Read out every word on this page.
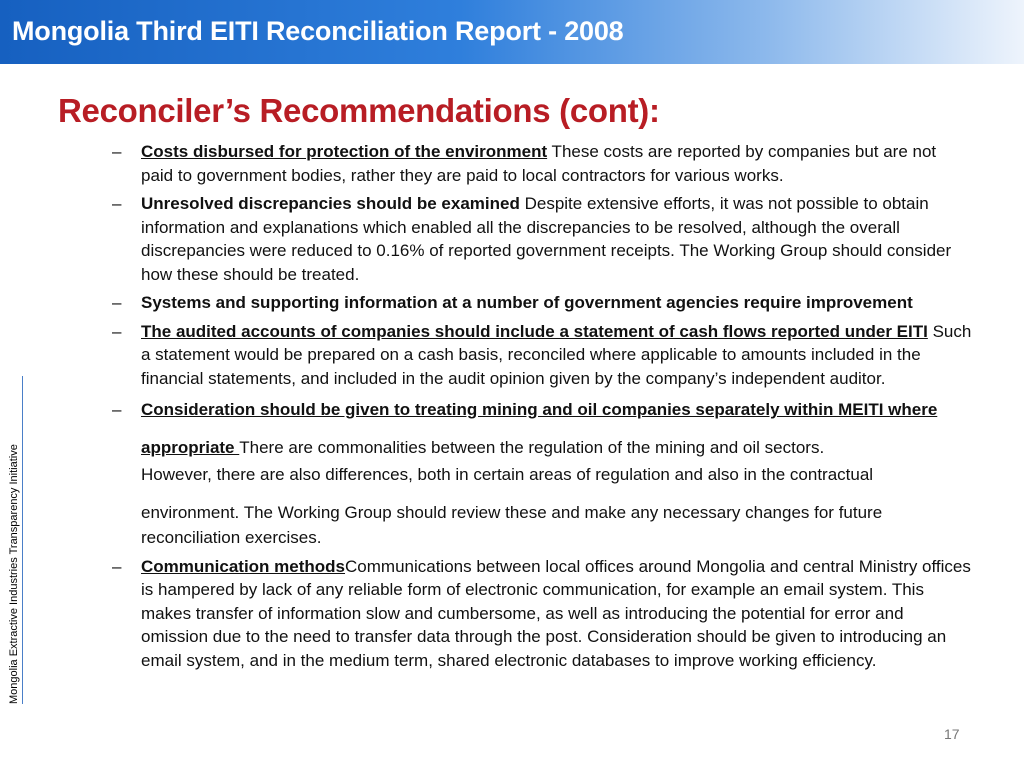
Mongolia Third EITI Reconciliation Report - 2008
Mongolia Extractive Industries Transparency Initiative
Reconciler’s Recommendations (cont):
– Costs disbursed for protection of the environment These costs are reported by companies but are not paid to government bodies, rather they are paid to local contractors for various works.
– Unresolved discrepancies should be examined Despite extensive efforts, it was not possible to obtain information and explanations which enabled all the discrepancies to be resolved, although the overall discrepancies were reduced to 0.16% of reported government receipts. The Working Group should consider how these should be treated.
– Systems and supporting information at a number of government agencies require improvement
– The audited accounts of companies should include a statement of cash flows reported under EITI Such a statement would be prepared on a cash basis, reconciled where applicable to amounts included in the financial statements, and included in the audit opinion given by the company’s independent auditor.
– Consideration should be given to treating mining and oil companies separately within MEITI where
appropriate There are commonalities between the regulation of the mining and oil sectors.
However, there are also differences, both in certain areas of regulation and also in the contractual
environment. The Working Group should review these and make any necessary changes for future
reconciliation exercises.
– Communication methodsCommunications between local offices around Mongolia and central Ministry offices is hampered by lack of any reliable form of electronic communication, for example an email system. This makes transfer of information slow and cumbersome, as well as introducing the potential for error and omission due to the need to transfer data through the post. Consideration should be given to introducing an email system, and in the medium term, shared electronic databases to improve working efficiency.
17
